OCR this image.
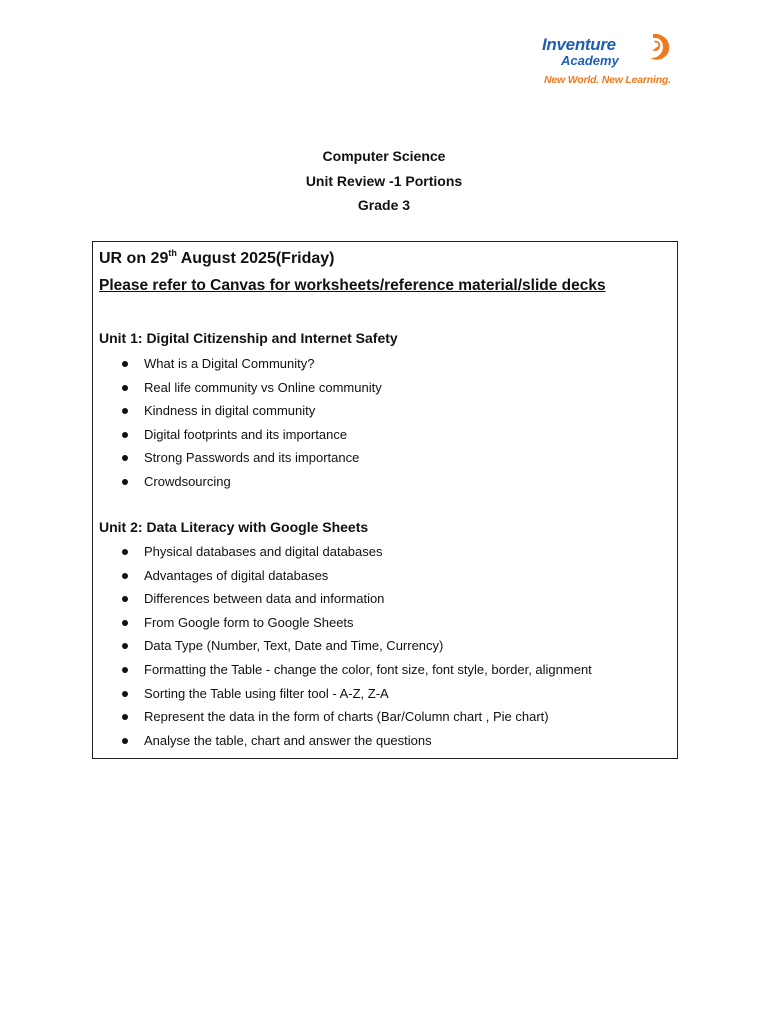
Inventure
Academy
New World. New Learning.
Computer Science
Unit Review -1 Portions
Grade 3
UR on 29th August 2025(Friday)
Please refer to Canvas for worksheets/reference material/slide decks
Unit 1: Digital Citizenship and Internet Safety
What is a Digital Community?
Real life community vs Online community
Kindness in digital community
Digital footprints and its importance
Strong Passwords and its importance
Crowdsourcing
Unit 2: Data Literacy with Google Sheets
Physical databases and digital databases
Advantages of digital databases
Differences between data and information
From Google form to Google Sheets
Data Type (Number, Text, Date and Time, Currency)
Formatting the Table - change the color, font size, font style, border, alignment
Sorting the Table using filter tool - A-Z, Z-A
Represent the data in the form of charts (Bar/Column chart , Pie chart)
Analyse the table, chart and answer the questions
